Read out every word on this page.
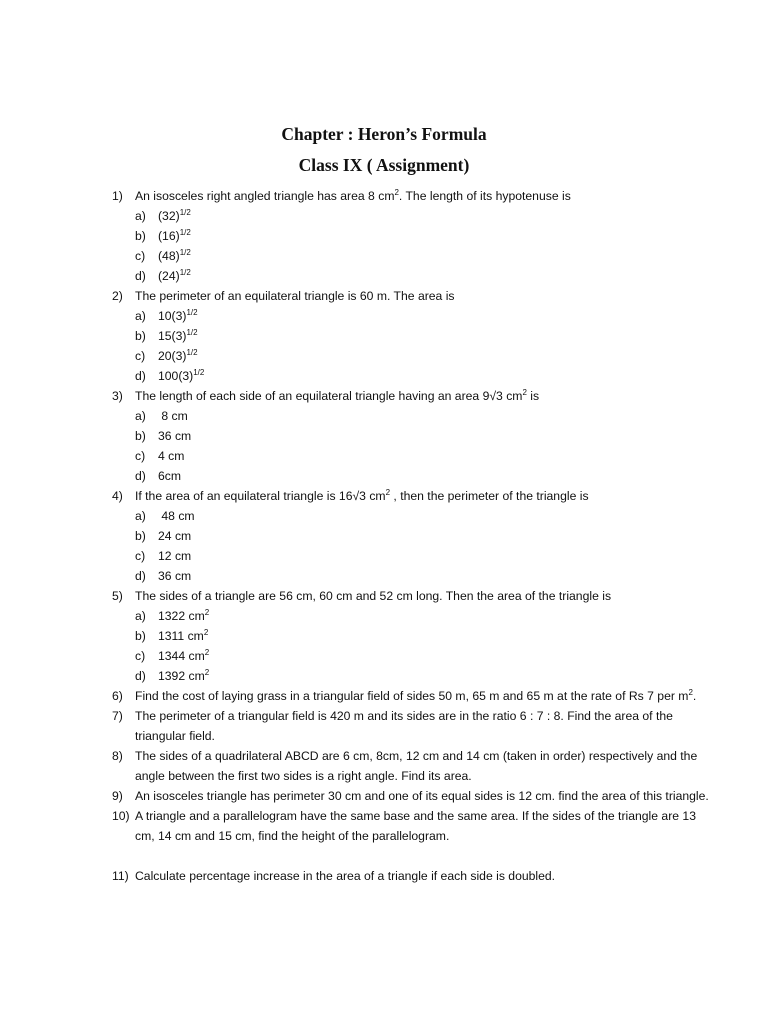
Chapter : Heron’s Formula
Class IX ( Assignment)
1) An isosceles right angled triangle has area 8 $cm^2$. The length of its hypotenuse is
a) $(32)^{1/2}$
b) $(16)^{1/2}$
c) $(48)^{1/2}$
d) $(24)^{1/2}$
2) The perimeter of an equilateral triangle is 60 m. The area is
a) $10(3)^{1/2}$
b) $15(3)^{1/2}$
c) $20(3)^{1/2}$
d) $100(3)^{1/2}$
3) The length of each side of an equilateral triangle having an area 9√3 $cm^2$ is
a) 8 cm
b) 36 cm
c) 4 cm
d) 6cm
4) If the area of an equilateral triangle is 16√3 $cm^2$ , then the perimeter of the triangle is
a) 48 cm
b) 24 cm
c) 12 cm
d) 36 cm
5) The sides of a triangle are 56 cm, 60 cm and 52 cm long. Then the area of the triangle is
a) 1322 $cm^2$
b) 1311 $cm^2$
c) 1344 $cm^2$
d) 1392 $cm^2$
6) Find the cost of laying grass in a triangular field of sides 50 m, 65 m and 65 m at the rate of Rs 7 per $m^2$.
7) The perimeter of a triangular field is 420 m and its sides are in the ratio 6 : 7 : 8. Find the area of the triangular field.
8) The sides of a quadrilateral ABCD are 6 cm, 8cm, 12 cm and 14 cm (taken in order) respectively and the angle between the first two sides is a right angle. Find its area.
9) An isosceles triangle has perimeter 30 cm and one of its equal sides is 12 cm. find the area of this triangle.
10) A triangle and a parallelogram have the same base and the same area. If the sides of the triangle are 13 cm, 14 cm and 15 cm, find the height of the parallelogram.
11) Calculate percentage increase in the area of a triangle if each side is doubled.
